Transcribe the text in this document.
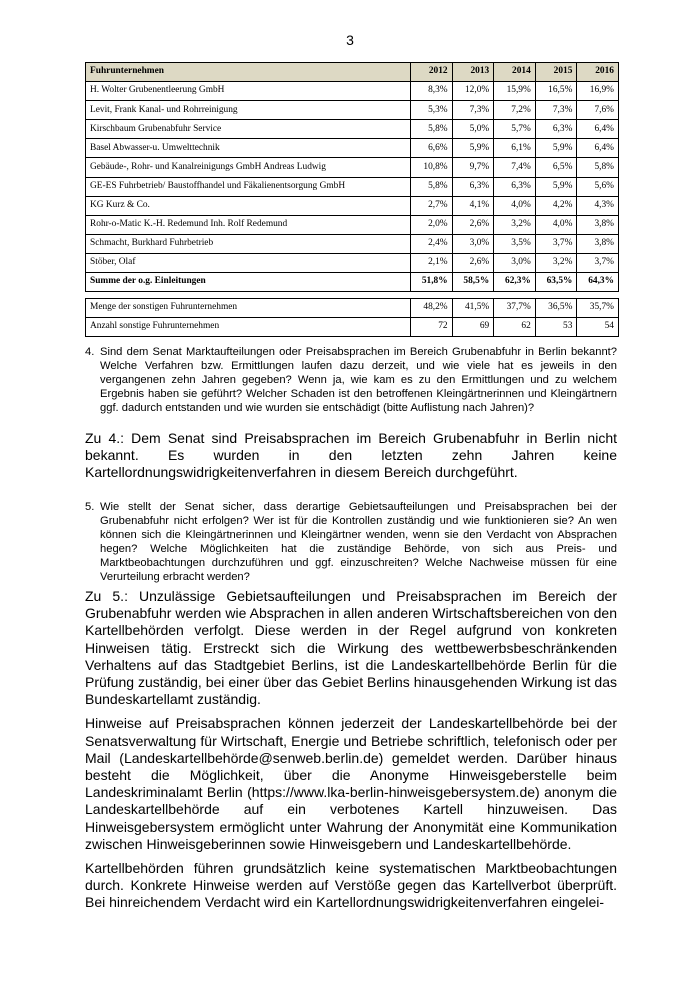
3
Fuhrunternehmen	2012	2013	2014	2015	2016
H. Wolter Grubenentleerung GmbH	8,3%	12,0%	15,9%	16,5%	16,9%
Levit, Frank Kanal- und Rohrreinigung	5,3%	7,3%	7,2%	7,3%	7,6%
Kirschbaum Grubenabfuhr Service	5,8%	5,0%	5,7%	6,3%	6,4%
Basel Abwasser-u. Umwelttechnik	6,6%	5,9%	6,1%	5,9%	6,4%
Gebäude-, Rohr- und Kanalreinigungs GmbH Andreas Ludwig	10,8%	9,7%	7,4%	6,5%	5,8%
GE-ES Fuhrbetrieb/ Baustoffhandel und Fäkalienentsorgung GmbH	5,8%	6,3%	6,3%	5,9%	5,6%
KG Kurz & Co.	2,7%	4,1%	4,0%	4,2%	4,3%
Rohr-o-Matic K.-H. Redemund Inh. Rolf Redemund	2,0%	2,6%	3,2%	4,0%	3,8%
Schmacht, Burkhard Fuhrbetrieb	2,4%	3,0%	3,5%	3,7%	3,8%
Stöber, Olaf	2,1%	2,6%	3,0%	3,2%	3,7%
Summe der o.g. Einleitungen	51,8%	58,5%	62,3%	63,5%	64,3%
Menge der sonstigen Fuhrunternehmen	48,2%	41,5%	37,7%	36,5%	35,7%
Anzahl sonstige Fuhrunternehmen	72	69	62	53	54
4. Sind dem Senat Marktaufteilungen oder Preisabsprachen im Bereich Grubenabfuhr in Berlin bekannt? Welche Verfahren bzw. Ermittlungen laufen dazu derzeit, und wie viele hat es jeweils in den vergangenen zehn Jahren gegeben? Wenn ja, wie kam es zu den Ermittlungen und zu welchem Ergebnis haben sie geführt? Welcher Schaden ist den betroffenen Kleingärtnerinnen und Kleingärtnern ggf. dadurch entstanden und wie wurden sie entschädigt (bitte Auflistung nach Jahren)?

Zu 4.: Dem Senat sind Preisabsprachen im Bereich Grubenabfuhr in Berlin nicht bekannt. Es wurden in den letzten zehn Jahren keine Kartellordnungswidrigkeitenverfahren in diesem Bereich durchgeführt.

5. Wie stellt der Senat sicher, dass derartige Gebietsaufteilungen und Preisabsprachen bei der Grubenabfuhr nicht erfolgen? Wer ist für die Kontrollen zuständig und wie funktionieren sie? An wen können sich die Kleingärtnerinnen und Kleingärtner wenden, wenn sie den Verdacht von Absprachen hegen? Welche Möglichkeiten hat die zuständige Behörde, von sich aus Preis- und Marktbeobachtungen durchzuführen und ggf. einzuschreiten? Welche Nachweise müssen für eine Verurteilung erbracht werden?

Zu 5.: Unzulässige Gebietsaufteilungen und Preisabsprachen im Bereich der Grubenabfuhr werden wie Absprachen in allen anderen Wirtschaftsbereichen von den Kartellbehörden verfolgt. Diese werden in der Regel aufgrund von konkreten Hinweisen tätig. Erstreckt sich die Wirkung des wettbewerbsbeschränkenden Verhaltens auf das Stadtgebiet Berlins, ist die Landeskartellbehörde Berlin für die Prüfung zuständig, bei einer über das Gebiet Berlins hinausgehenden Wirkung ist das Bundeskartellamt zuständig.

Hinweise auf Preisabsprachen können jederzeit der Landeskartellbehörde bei der Senatsverwaltung für Wirtschaft, Energie und Betriebe schriftlich, telefonisch oder per Mail (Landeskartellbehörde@senweb.berlin.de) gemeldet werden. Darüber hinaus besteht die Möglichkeit, über die Anonyme Hinweisgeberstelle beim Landeskriminalamt Berlin (https://www.lka-berlin-hinweisgebersystem.de) anonym die Landeskartellbehörde auf ein verbotenes Kartell hinzuweisen. Das Hinweisgebersystem ermöglicht unter Wahrung der Anonymität eine Kommunikation zwischen Hinweisgeberinnen sowie Hinweisgebern und Landeskartellbehörde.

Kartellbehörden führen grundsätzlich keine systematischen Marktbeobachtungen durch. Konkrete Hinweise werden auf Verstöße gegen das Kartellverbot überprüft. Bei hinreichendem Verdacht wird ein Kartellordnungswidrigkeitenverfahren eingelei-
